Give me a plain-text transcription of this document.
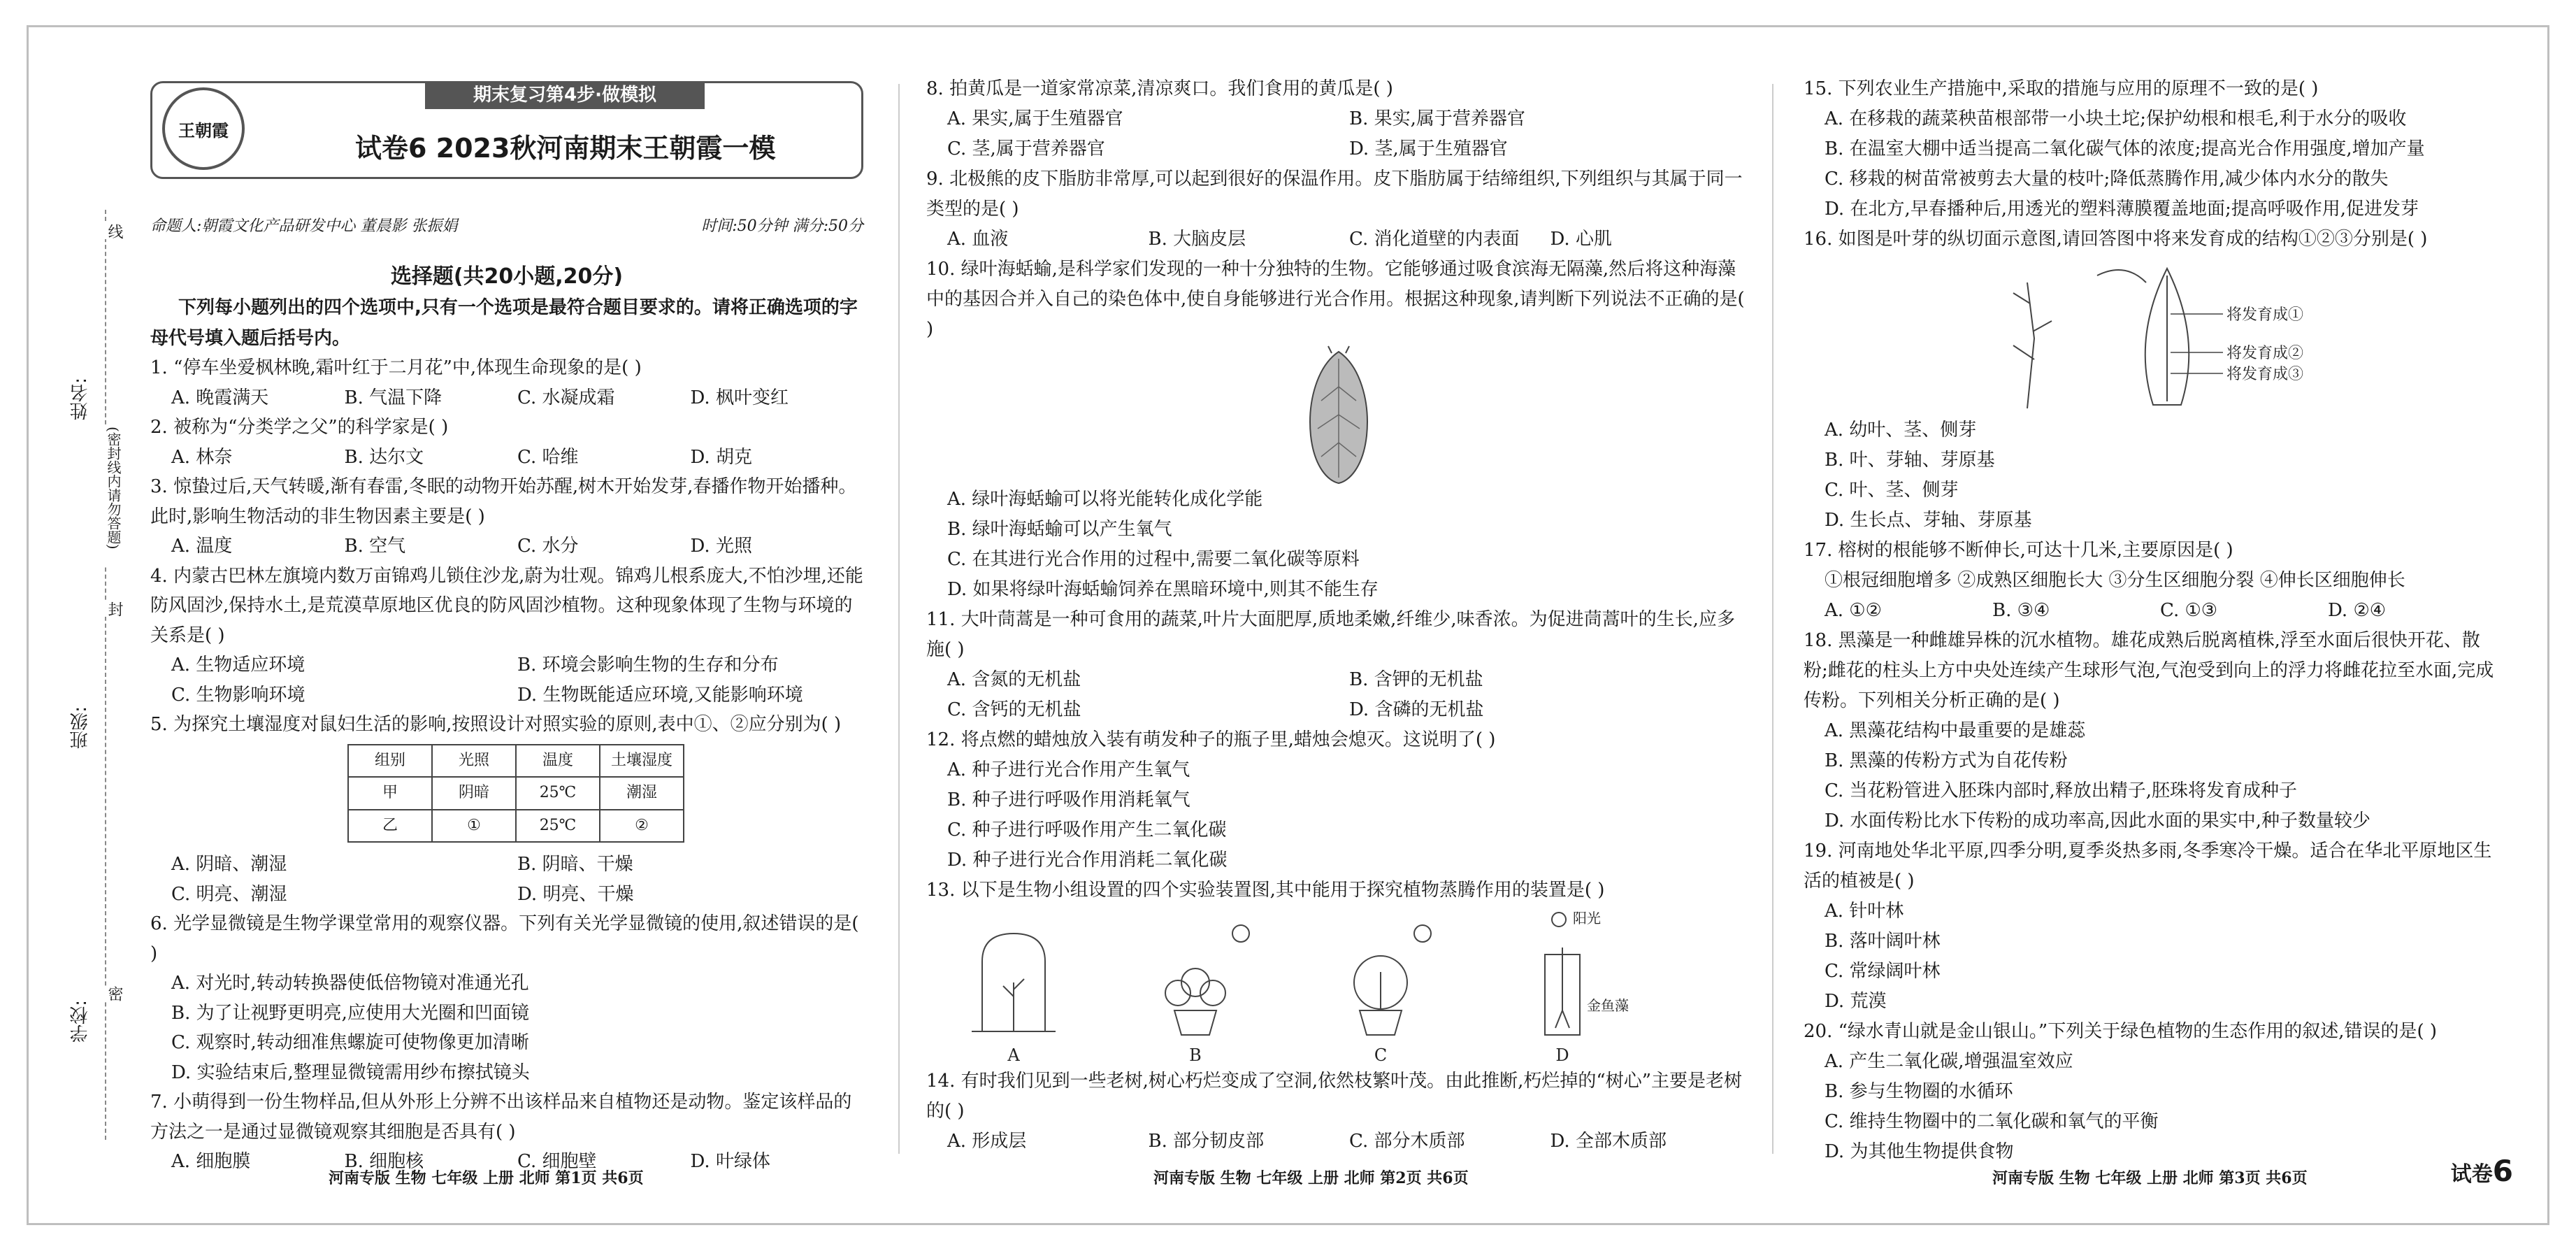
姓名:
班级:
学校:
线
封
密
(密封线内请勿答题)
期末复习第4步·做模拟
王朝霞
试卷6 2023秋河南期末王朝霞一模
命题人:朝霞文化产品研发中心 董晨影 张振娟	时间:50分钟 满分:50分
选择题(共20小题,20分)
下列每小题列出的四个选项中,只有一个选项是最符合题目要求的。请将正确选项的字母代号填入题后括号内。

1. “停车坐爱枫林晚,霜叶红于二月花”中,体现生命现象的是( )

A. 晚霞满天	B. 气温下降	C. 水凝成霜	D. 枫叶变红

2. 被称为“分类学之父”的科学家是( )

A. 林奈	B. 达尔文	C. 哈维	D. 胡克

3. 惊蛰过后,天气转暖,渐有春雷,冬眠的动物开始苏醒,树木开始发芽,春播作物开始播种。此时,影响生物活动的非生物因素主要是( )

A. 温度	B. 空气	C. 水分	D. 光照

4. 内蒙古巴林左旗境内数万亩锦鸡儿锁住沙龙,蔚为壮观。锦鸡儿根系庞大,不怕沙埋,还能防风固沙,保持水土,是荒漠草原地区优良的防风固沙植物。这种现象体现了生物与环境的关系是( )

A. 生物适应环境	B. 环境会影响生物的生存和分布
C. 生物影响环境	D. 生物既能适应环境,又能影响环境

5. 为探究土壤湿度对鼠妇生活的影响,按照设计对照实验的原则,表中①、②应分别为( )

组别	光照	温度	土壤湿度
甲	阴暗	25℃	潮湿
乙	①	25℃	②
A. 阴暗、潮湿	B. 阴暗、干燥
C. 明亮、潮湿	D. 明亮、干燥

6. 光学显微镜是生物学课堂常用的观察仪器。下列有关光学显微镜的使用,叙述错误的是( )

A. 对光时,转动转换器使低倍物镜对准通光孔
B. 为了让视野更明亮,应使用大光圈和凹面镜
C. 观察时,转动细准焦螺旋可使物像更加清晰
D. 实验结束后,整理显微镜需用纱布擦拭镜头

7. 小萌得到一份生物样品,但从外形上分辨不出该样品来自植物还是动物。鉴定该样品的方法之一是通过显微镜观察其细胞是否具有( )

A. 细胞膜	B. 细胞核	C. 细胞壁	D. 叶绿体

8. 拍黄瓜是一道家常凉菜,清凉爽口。我们食用的黄瓜是( )

A. 果实,属于生殖器官	B. 果实,属于营养器官
C. 茎,属于营养器官	D. 茎,属于生殖器官

9. 北极熊的皮下脂肪非常厚,可以起到很好的保温作用。皮下脂肪属于结缔组织,下列组织与其属于同一类型的是( )

A. 血液	B. 大脑皮层	C. 消化道壁的内表面	D. 心肌

10. 绿叶海蛞蝓,是科学家们发现的一种十分独特的生物。它能够通过吸食滨海无隔藻,然后将这种海藻中的基因合并入自己的染色体中,使自身能够进行光合作用。根据这种现象,请判断下列说法不正确的是( )

A. 绿叶海蛞蝓可以将光能转化成化学能
B. 绿叶海蛞蝓可以产生氧气
C. 在其进行光合作用的过程中,需要二氧化碳等原料
D. 如果将绿叶海蛞蝓饲养在黑暗环境中,则其不能生存

11. 大叶茼蒿是一种可食用的蔬菜,叶片大面肥厚,质地柔嫩,纤维少,味香浓。为促进茼蒿叶的生长,应多施( )

A. 含氮的无机盐	B. 含钾的无机盐
C. 含钙的无机盐	D. 含磷的无机盐

12. 将点燃的蜡烛放入装有萌发种子的瓶子里,蜡烛会熄灭。这说明了( )

A. 种子进行光合作用产生氧气
B. 种子进行呼吸作用消耗氧气
C. 种子进行呼吸作用产生二氧化碳
D. 种子进行光合作用消耗二氧化碳

13. 以下是生物小组设置的四个实验装置图,其中能用于探究植物蒸腾作用的装置是( )

A	B	C	D
阳光
金鱼藻

14. 有时我们见到一些老树,树心朽烂变成了空洞,依然枝繁叶茂。由此推断,朽烂掉的“树心”主要是老树的( )

A. 形成层	B. 部分韧皮部	C. 部分木质部	D. 全部木质部

15. 下列农业生产措施中,采取的措施与应用的原理不一致的是( )

A. 在移栽的蔬菜秧苗根部带一小块土坨;保护幼根和根毛,利于水分的吸收
B. 在温室大棚中适当提高二氧化碳气体的浓度;提高光合作用强度,增加产量
C. 移栽的树苗常被剪去大量的枝叶;降低蒸腾作用,减少体内水分的散失
D. 在北方,早春播种后,用透光的塑料薄膜覆盖地面;提高呼吸作用,促进发芽

16. 如图是叶芽的纵切面示意图,请回答图中将来发育成的结构①②③分别是( )

将发育成①
将发育成②
将发育成③
A. 幼叶、茎、侧芽
B. 叶、芽轴、芽原基
C. 叶、茎、侧芽
D. 生长点、芽轴、芽原基

17. 榕树的根能够不断伸长,可达十几米,主要原因是( )

①根冠细胞增多 ②成熟区细胞长大 ③分生区细胞分裂 ④伸长区细胞伸长

A. ①②	B. ③④	C. ①③	D. ②④

18. 黑藻是一种雌雄异株的沉水植物。雄花成熟后脱离植株,浮至水面后很快开花、散粉;雌花的柱头上方中央处连续产生球形气泡,气泡受到向上的浮力将雌花拉至水面,完成传粉。下列相关分析正确的是( )

A. 黑藻花结构中最重要的是雄蕊
B. 黑藻的传粉方式为自花传粉
C. 当花粉管进入胚珠内部时,释放出精子,胚珠将发育成种子
D. 水面传粉比水下传粉的成功率高,因此水面的果实中,种子数量较少

19. 河南地处华北平原,四季分明,夏季炎热多雨,冬季寒冷干燥。适合在华北平原地区生活的植被是( )

A. 针叶林
B. 落叶阔叶林
C. 常绿阔叶林
D. 荒漠

20. “绿水青山就是金山银山。”下列关于绿色植物的生态作用的叙述,错误的是( )

A. 产生二氧化碳,增强温室效应
B. 参与生物圈的水循环
C. 维持生物圈中的二氧化碳和氧气的平衡
D. 为其他生物提供食物
河南专版 生物 七年级 上册 北师 第1页 共6页	河南专版 生物 七年级 上册 北师 第2页 共6页	河南专版 生物 七年级 上册 北师 第3页 共6页	试卷6
